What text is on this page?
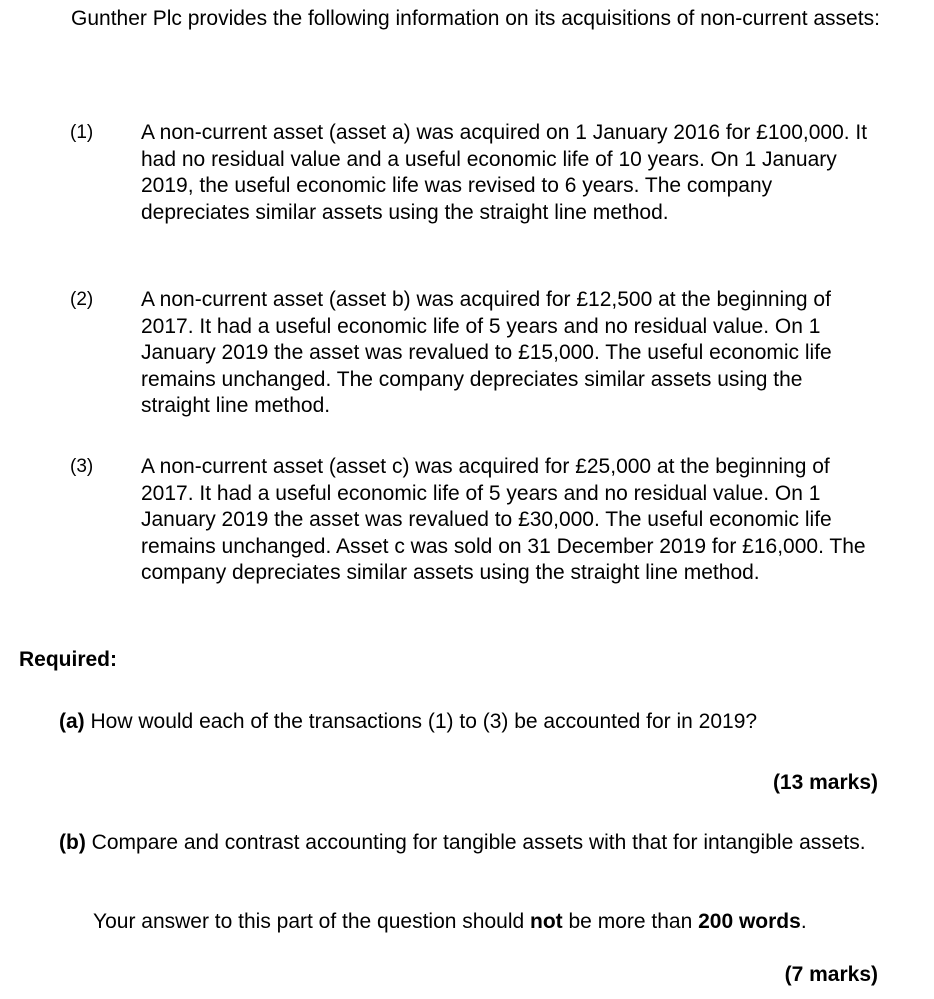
Gunther Plc provides the following information on its acquisitions of non-current assets:

(1) A non-current asset (asset a) was acquired on 1 January 2016 for £100,000. It had no residual value and a useful economic life of 10 years. On 1 January 2019, the useful economic life was revised to 6 years. The company depreciates similar assets using the straight line method.

(2) A non-current asset (asset b) was acquired for £12,500 at the beginning of 2017. It had a useful economic life of 5 years and no residual value. On 1 January 2019 the asset was revalued to £15,000. The useful economic life remains unchanged. The company depreciates similar assets using the straight line method.

(3) A non-current asset (asset c) was acquired for £25,000 at the beginning of 2017. It had a useful economic life of 5 years and no residual value. On 1 January 2019 the asset was revalued to £30,000. The useful economic life remains unchanged. Asset c was sold on 31 December 2019 for £16,000. The company depreciates similar assets using the straight line method.

Required:

(a) How would each of the transactions (1) to (3) be accounted for in 2019?

(13 marks)

(b) Compare and contrast accounting for tangible assets with that for intangible assets.

Your answer to this part of the question should not be more than 200 words.

(7 marks)
